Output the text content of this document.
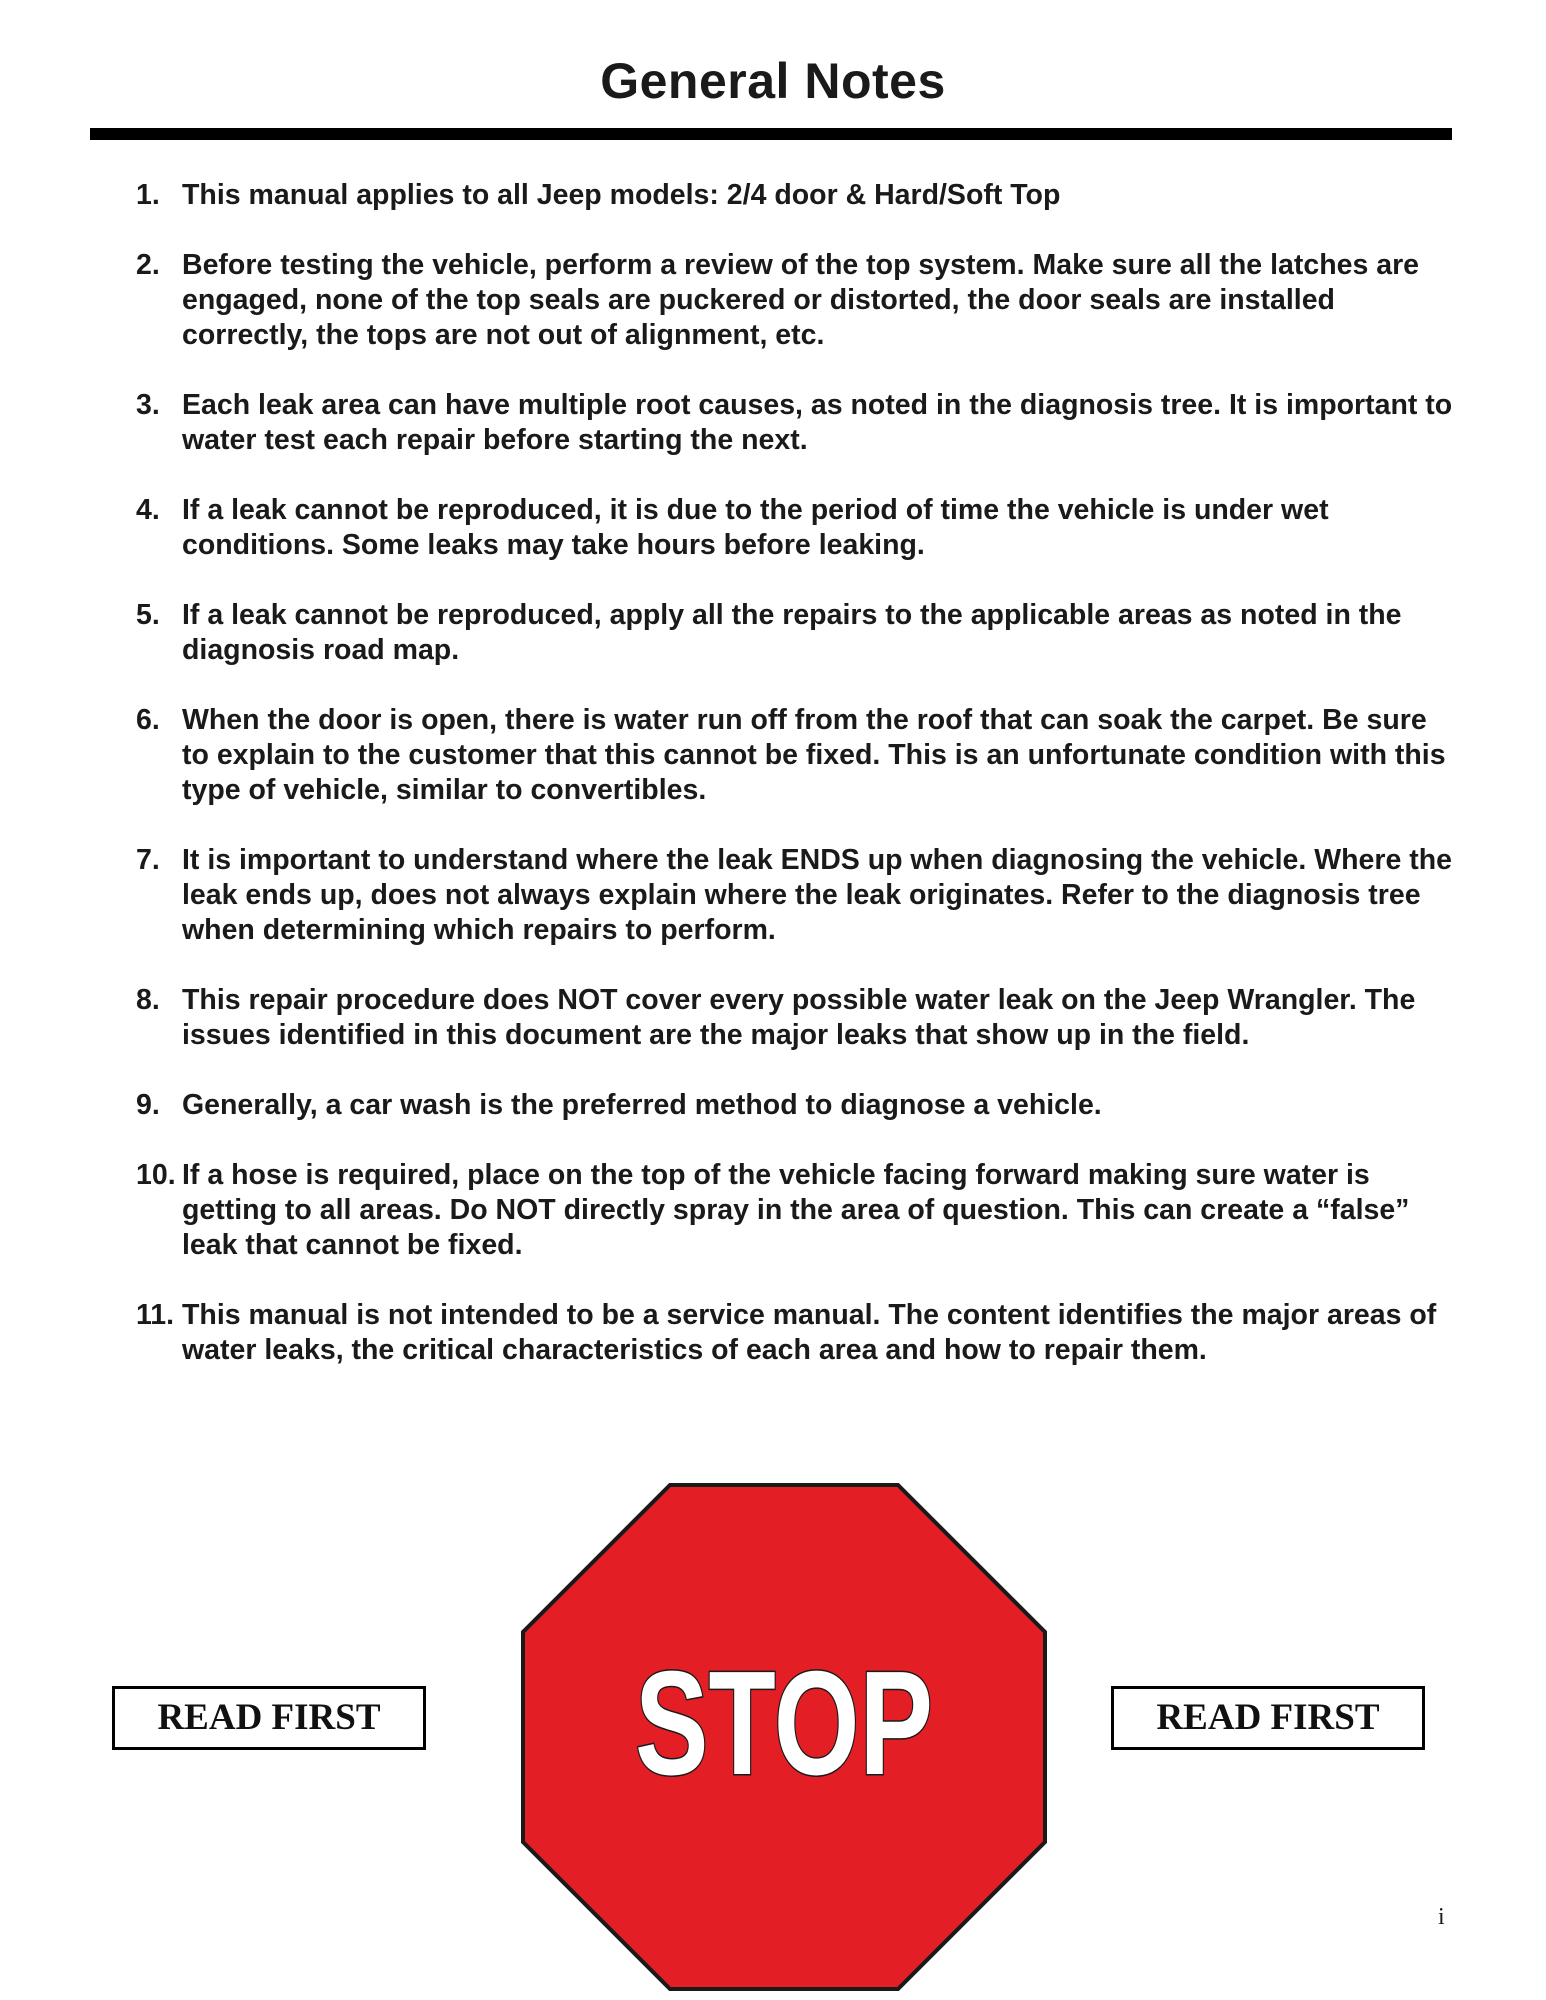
General Notes
1. This manual applies to all Jeep models: 2/4 door & Hard/Soft Top
2. Before testing the vehicle, perform a review of the top system. Make sure all the latches are engaged, none of the top seals are puckered or distorted, the door seals are installed correctly, the tops are not out of alignment, etc.
3. Each leak area can have multiple root causes, as noted in the diagnosis tree. It is important to water test each repair before starting the next.
4. If a leak cannot be reproduced, it is due to the period of time the vehicle is under wet conditions. Some leaks may take hours before leaking.
5. If a leak cannot be reproduced, apply all the repairs to the applicable areas as noted in the diagnosis road map.
6. When the door is open, there is water run off from the roof that can soak the carpet. Be sure to explain to the customer that this cannot be fixed. This is an unfortunate condition with this type of vehicle, similar to convertibles.
7. It is important to understand where the leak ENDS up when diagnosing the vehicle. Where the leak ends up, does not always explain where the leak originates. Refer to the diagnosis tree when determining which repairs to perform.
8. This repair procedure does NOT cover every possible water leak on the Jeep Wrangler. The issues identified in this document are the major leaks that show up in the field.
9. Generally, a car wash is the preferred method to diagnose a vehicle.
10. If a hose is required, place on the top of the vehicle facing forward making sure water is getting to all areas. Do NOT directly spray in the area of question. This can create a “false” leak that cannot be fixed.
11. This manual is not intended to be a service manual. The content identifies the major areas of water leaks, the critical characteristics of each area and how to repair them.
READ FIRST	STOP	READ FIRST
i
